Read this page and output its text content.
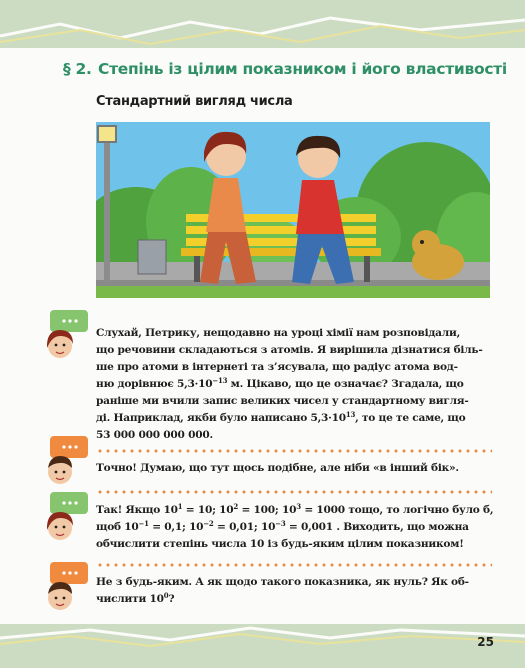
§ 2. Степінь із цілим показником і його властивості
Стандартний вигляд числа

Слухай, Петрику, нещодавно на уроці хімії нам розповідали,

що речовини складаються з атомів. Я вирішила дізнатися біль-

ше про атоми в інтернеті та з’ясувала, що радіус атома вод-

ню дорівнює $5,3\cdot 10^{-13}$ м. Цікаво, що це означає? Згадала, що

раніше ми вчили запис великих чисел у стандартному вигля-

ді. Наприклад, якби було написано $5,3\cdot 10^{13}$, то це те саме, що

53 000 000 000 000.

Точно! Думаю, що тут щось подібне, але ніби «в інший бік».

Так! Якщо $10^1 = 10$; $10^2 = 100$; $10^3 = 1000$ тощо, то логічно було б,

щоб $10^{-1} = 0,1$; $10^{-2} = 0,01$; $10^{-3} = 0,001$ . Виходить, що можна

обчислити степінь числа 10 із будь-яким цілим показником!

Не з будь-яким. А як щодо такого показника, як нуль? Як об-

числити $10^0$?

25
